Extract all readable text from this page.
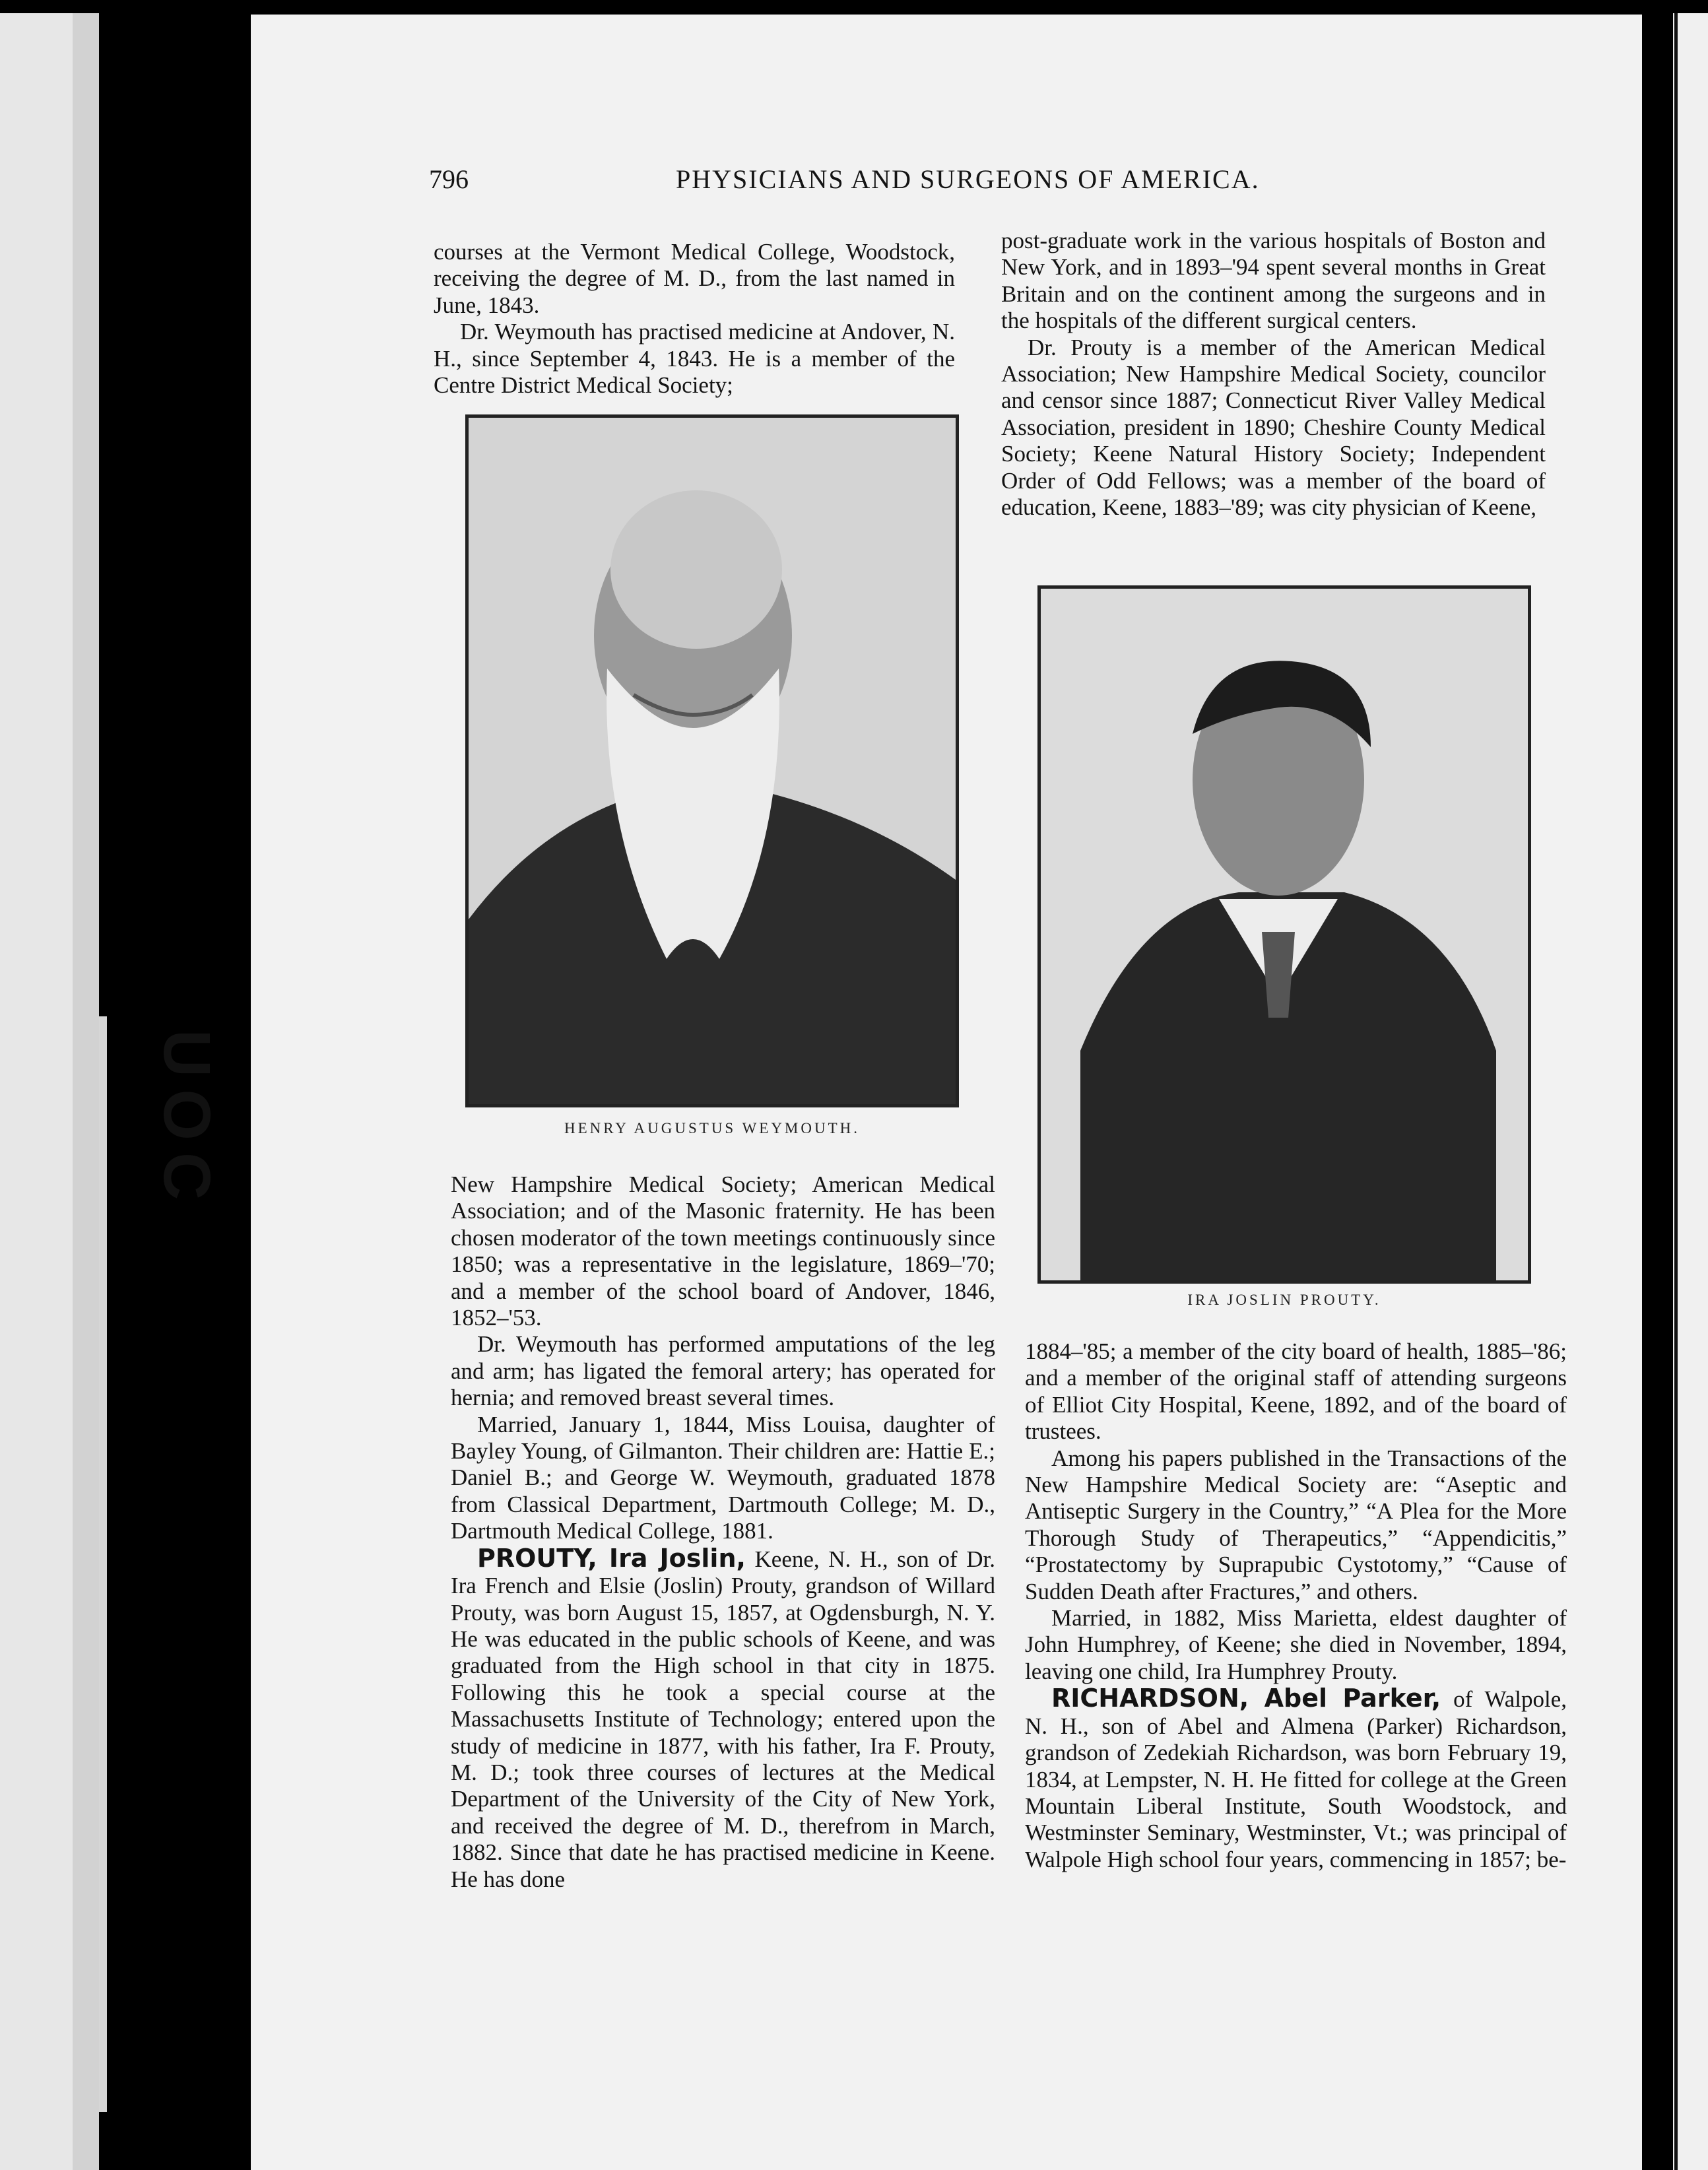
UOC
796	PHYSICIANS AND SURGEONS OF AMERICA.

courses at the Vermont Medical College, Woodstock, receiving the degree of M. D., from the last named in June, 1843.

Dr. Weymouth has practised medicine at Andover, N. H., since September 4, 1843. He is a member of the Centre District Medical Society;

HENRY AUGUSTUS WEYMOUTH.

New Hampshire Medical Society; American Medical Association; and of the Masonic fraternity. He has been chosen moderator of the town meetings continuously since 1850; was a representative in the legislature, 1869–'70; and a member of the school board of Andover, 1846, 1852–'53.

Dr. Weymouth has performed amputations of the leg and arm; has ligated the femoral artery; has operated for hernia; and removed breast several times.

Married, January 1, 1844, Miss Louisa, daughter of Bayley Young, of Gilmanton. Their children are: Hattie E.; Daniel B.; and George W. Weymouth, graduated 1878 from Classical Department, Dartmouth College; M. D., Dartmouth Medical College, 1881.

PROUTY, Ira Joslin, Keene, N. H., son of Dr. Ira French and Elsie (Joslin) Prouty, grandson of Willard Prouty, was born August 15, 1857, at Ogdensburgh, N. Y. He was educated in the public schools of Keene, and was graduated from the High school in that city in 1875. Following this he took a special course at the Massachusetts Institute of Technology; entered upon the study of medicine in 1877, with his father, Ira F. Prouty, M. D.; took three courses of lectures at the Medical Department of the University of the City of New York, and received the degree of M. D., therefrom in March, 1882. Since that date he has practised medicine in Keene. He has done

post-graduate work in the various hospitals of Boston and New York, and in 1893–'94 spent several months in Great Britain and on the continent among the surgeons and in the hospitals of the different surgical centers.

Dr. Prouty is a member of the American Medical Association; New Hampshire Medical Society, councilor and censor since 1887; Connecticut River Valley Medical Association, president in 1890; Cheshire County Medical Society; Keene Natural History Society; Independent Order of Odd Fellows; was a member of the board of education, Keene, 1883–'89; was city physician of Keene,

IRA JOSLIN PROUTY.

1884–'85; a member of the city board of health, 1885–'86; and a member of the original staff of attending surgeons of Elliot City Hospital, Keene, 1892, and of the board of trustees.

Among his papers published in the Transactions of the New Hampshire Medical Society are: “Aseptic and Antiseptic Surgery in the Country,” “A Plea for the More Thorough Study of Therapeutics,” “Appendicitis,” “Prostatectomy by Suprapubic Cystotomy,” “Cause of Sudden Death after Fractures,” and others.

Married, in 1882, Miss Marietta, eldest daughter of John Humphrey, of Keene; she died in November, 1894, leaving one child, Ira Humphrey Prouty.

RICHARDSON, Abel Parker, of Walpole, N. H., son of Abel and Almena (Parker) Richardson, grandson of Zedekiah Richardson, was born February 19, 1834, at Lempster, N. H. He fitted for college at the Green Mountain Liberal Institute, South Woodstock, and Westminster Seminary, Westminster, Vt.; was principal of Walpole High school four years, commencing in 1857; be-
